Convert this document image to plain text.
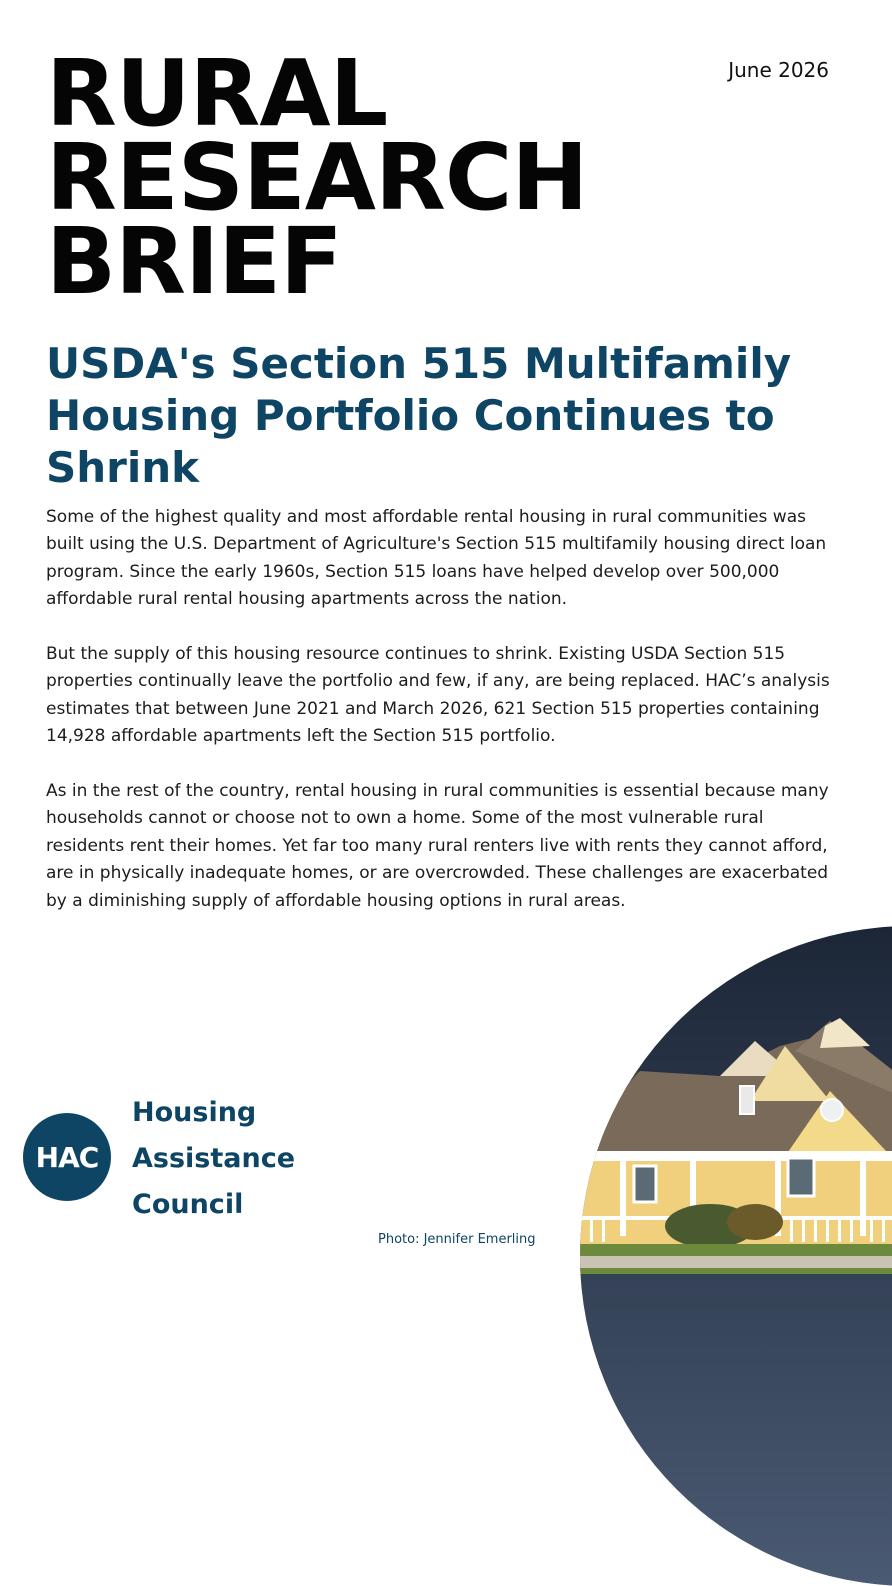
June 2026
RURAL
RESEARCH
BRIEF
USDA's Section 515 Multifamily Housing Portfolio Continues to Shrink

Some of the highest quality and most affordable rental housing in rural communities was built using the U.S. Department of Agriculture's Section 515 multifamily housing direct loan program. Since the early 1960s, Section 515 loans have helped develop over 500,000 affordable rural rental housing apartments across the nation.

But the supply of this housing resource continues to shrink. Existing USDA Section 515 properties continually leave the portfolio and few, if any, are being replaced. HAC’s analysis estimates that between June 2021 and March 2026, 621 Section 515 properties containing 14,928 affordable apartments left the Section 515 portfolio.

As in the rest of the country, rental housing in rural communities is essential because many households cannot or choose not to own a home. Some of the most vulnerable rural residents rent their homes. Yet far too many rural renters live with rents they cannot afford, are in physically inadequate homes, or are overcrowded. These challenges are exacerbated by a diminishing supply of affordable housing options in rural areas.

HAC
Housing
Assistance
Council
Photo: Jennifer Emerling
